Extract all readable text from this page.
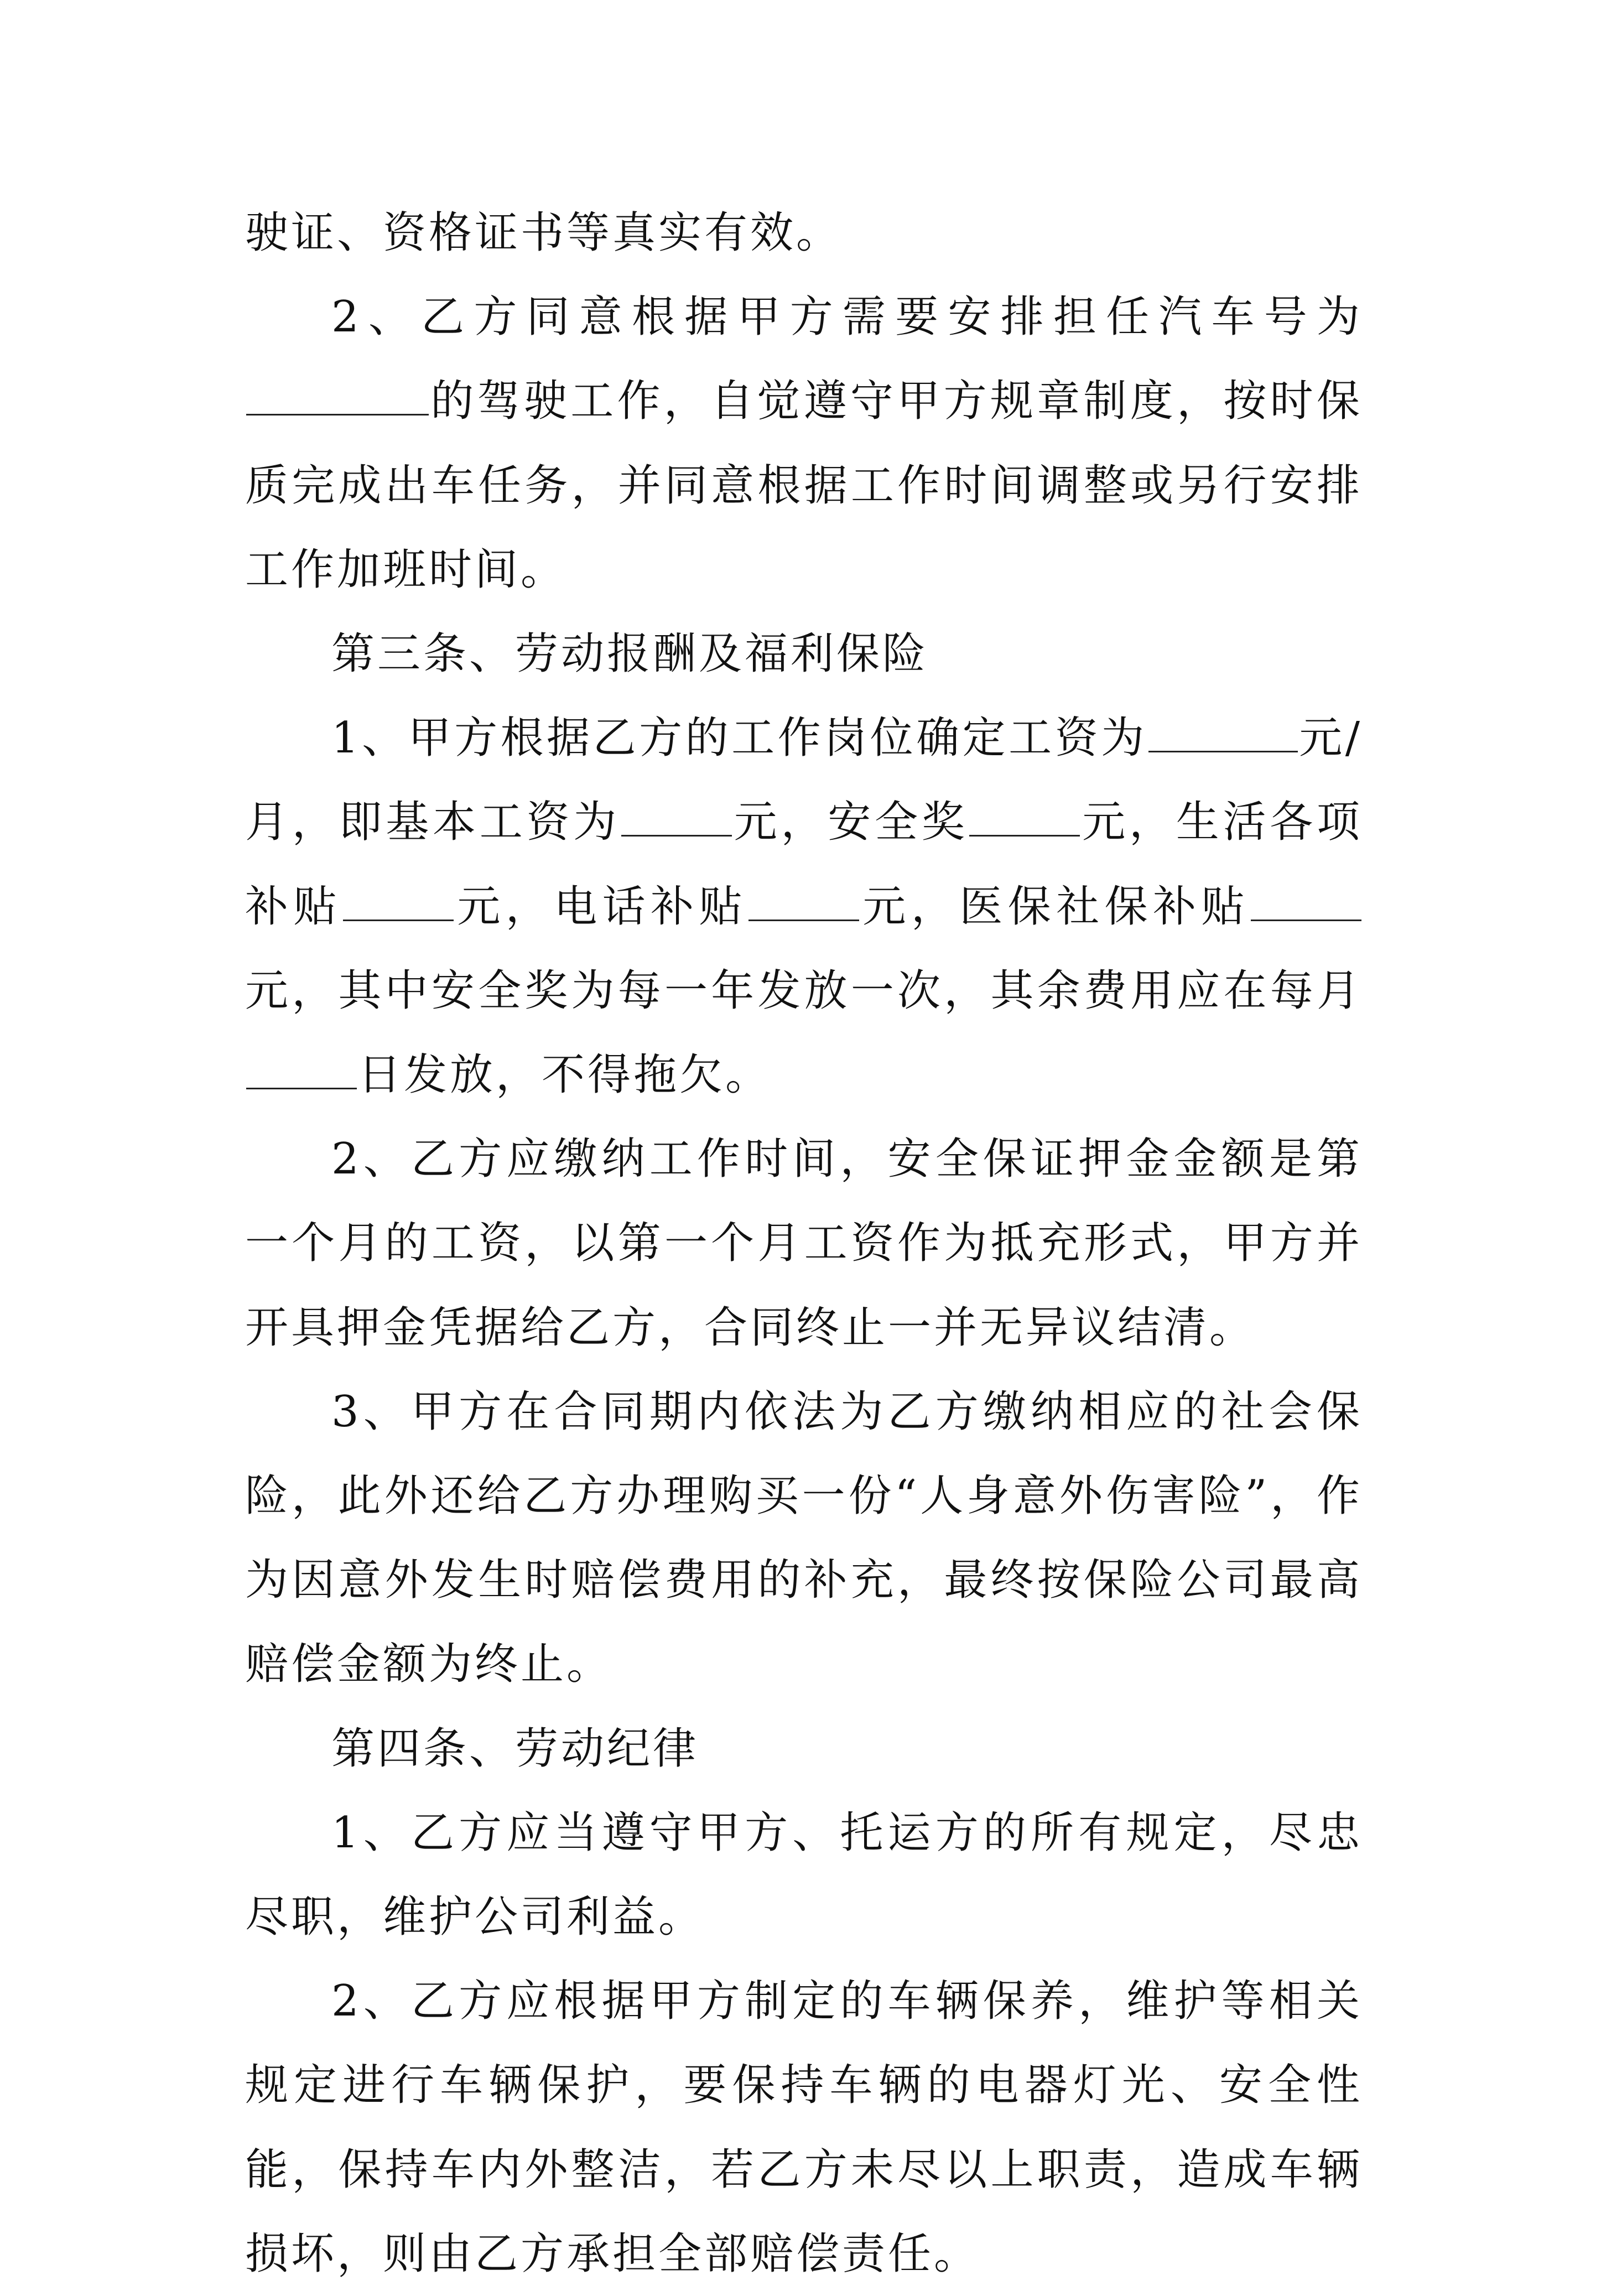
驶证、资格证书等真实有效。

2、乙方同意根据甲方需要安排担任汽车号为的驾驶工作，自觉遵守甲方规章制度，按时保质完成出车任务，并同意根据工作时间调整或另行安排工作加班时间。

第三条、劳动报酬及福利保险

1、甲方根据乙方的工作岗位确定工资为	元/月，即基本工资为	元，安全奖	元，生活各项补贴	元，电话补贴	元，医保社保补贴元，其中安全奖为每一年发放一次，其余费用应在每月日发放，不得拖欠。

2、乙方应缴纳工作时间，安全保证押金金额是第一个月的工资，以第一个月工资作为抵充形式，甲方并开具押金凭据给乙方，合同终止一并无异议结清。

3、甲方在合同期内依法为乙方缴纳相应的社会保险，此外还给乙方办理购买一份“人身意外伤害险”，作为因意外发生时赔偿费用的补充，最终按保险公司最高赔偿金额为终止。

第四条、劳动纪律

1、乙方应当遵守甲方、托运方的所有规定，尽忠尽职，维护公司利益。

2、乙方应根据甲方制定的车辆保养，维护等相关规定进行车辆保护，要保持车辆的电器灯光、安全性能，保持车内外整洁，若乙方未尽以上职责，造成车辆损坏，则由乙方承担全部赔偿责任。
